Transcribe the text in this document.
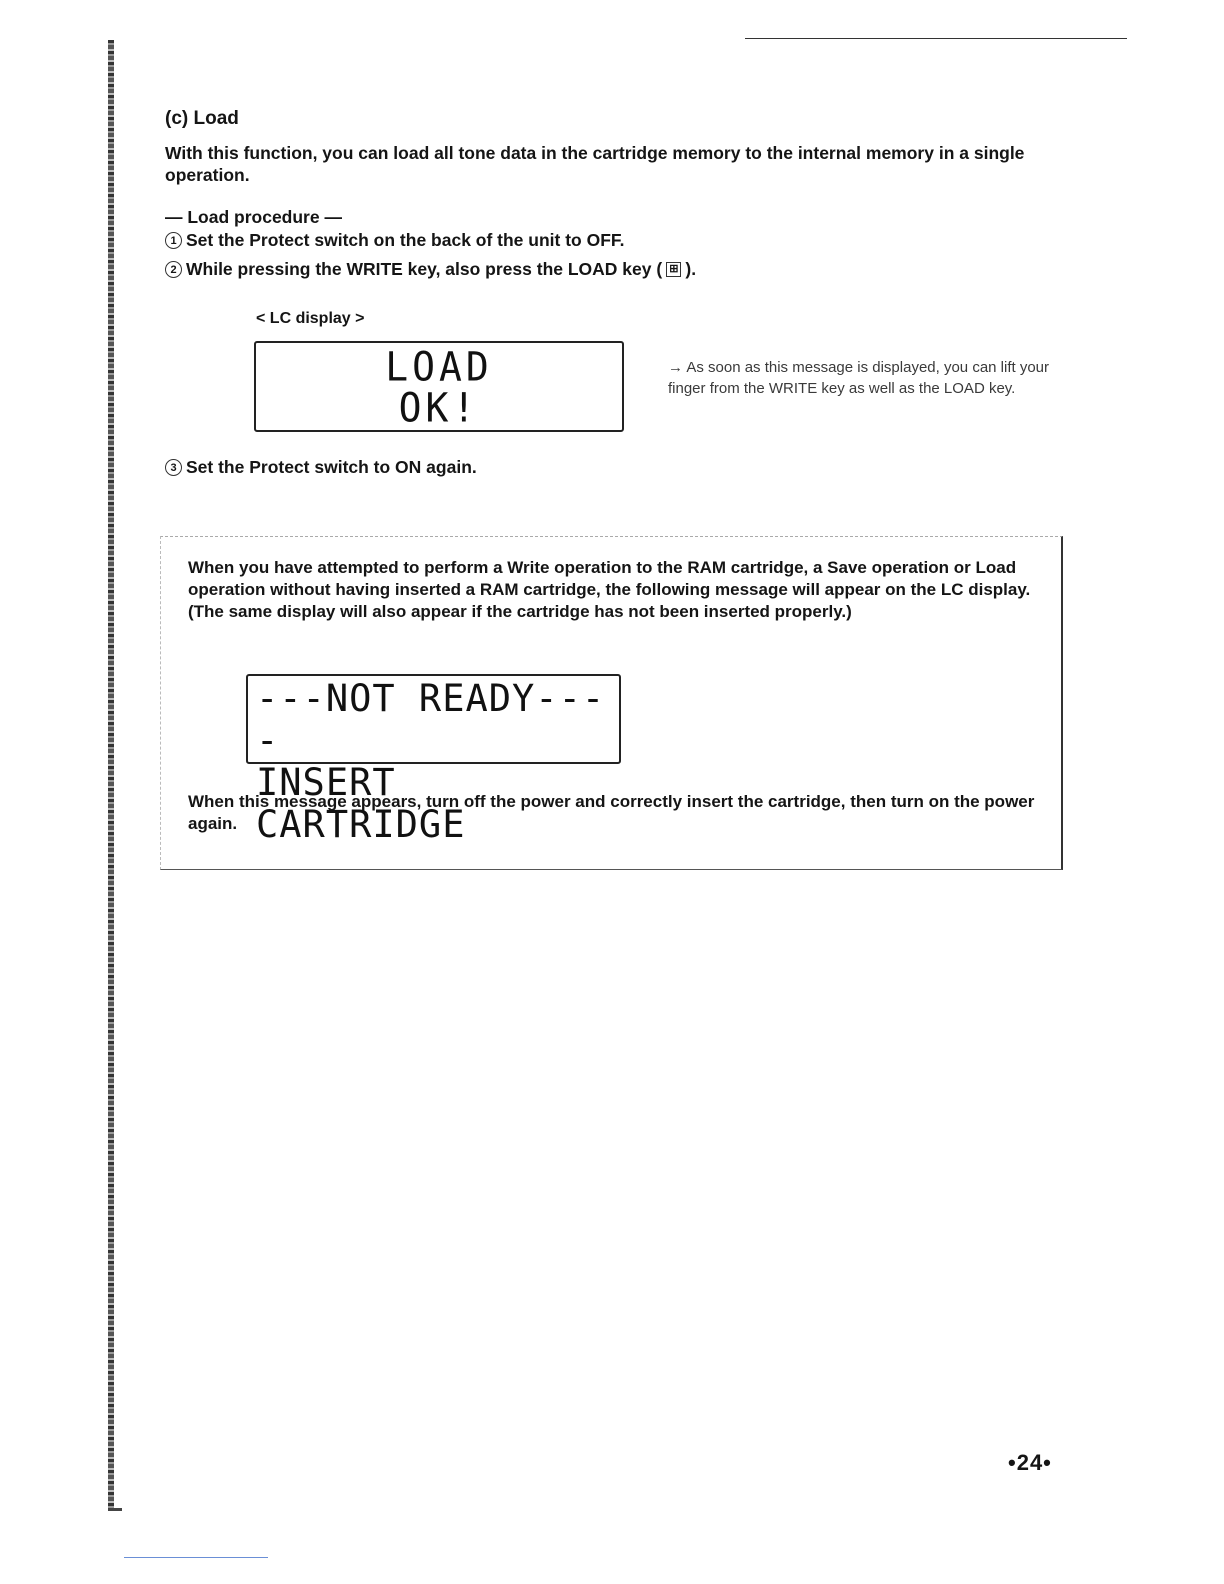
(c) Load

With this function, you can load all tone data in the cartridge memory to the internal memory in a single operation.

— Load procedure —

1 Set the Protect switch on the back of the unit to OFF.
2 While pressing the WRITE key, also press the LOAD key ( ⊞ ).

< LC display >

LOAD
OK!

→ As soon as this message is displayed, you can lift your finger from the WRITE key as well as the LOAD key.

3 Set the Protect switch to ON again.

When you have attempted to perform a Write operation to the RAM cartridge, a Save operation or Load operation without having inserted a RAM cartridge, the following message will appear on the LC display. (The same display will also appear if the cartridge has not been inserted properly.)

---NOT READY----
INSERT CARTRIDGE

When this message appears, turn off the power and correctly insert the cartridge, then turn on the power again.

•24•
